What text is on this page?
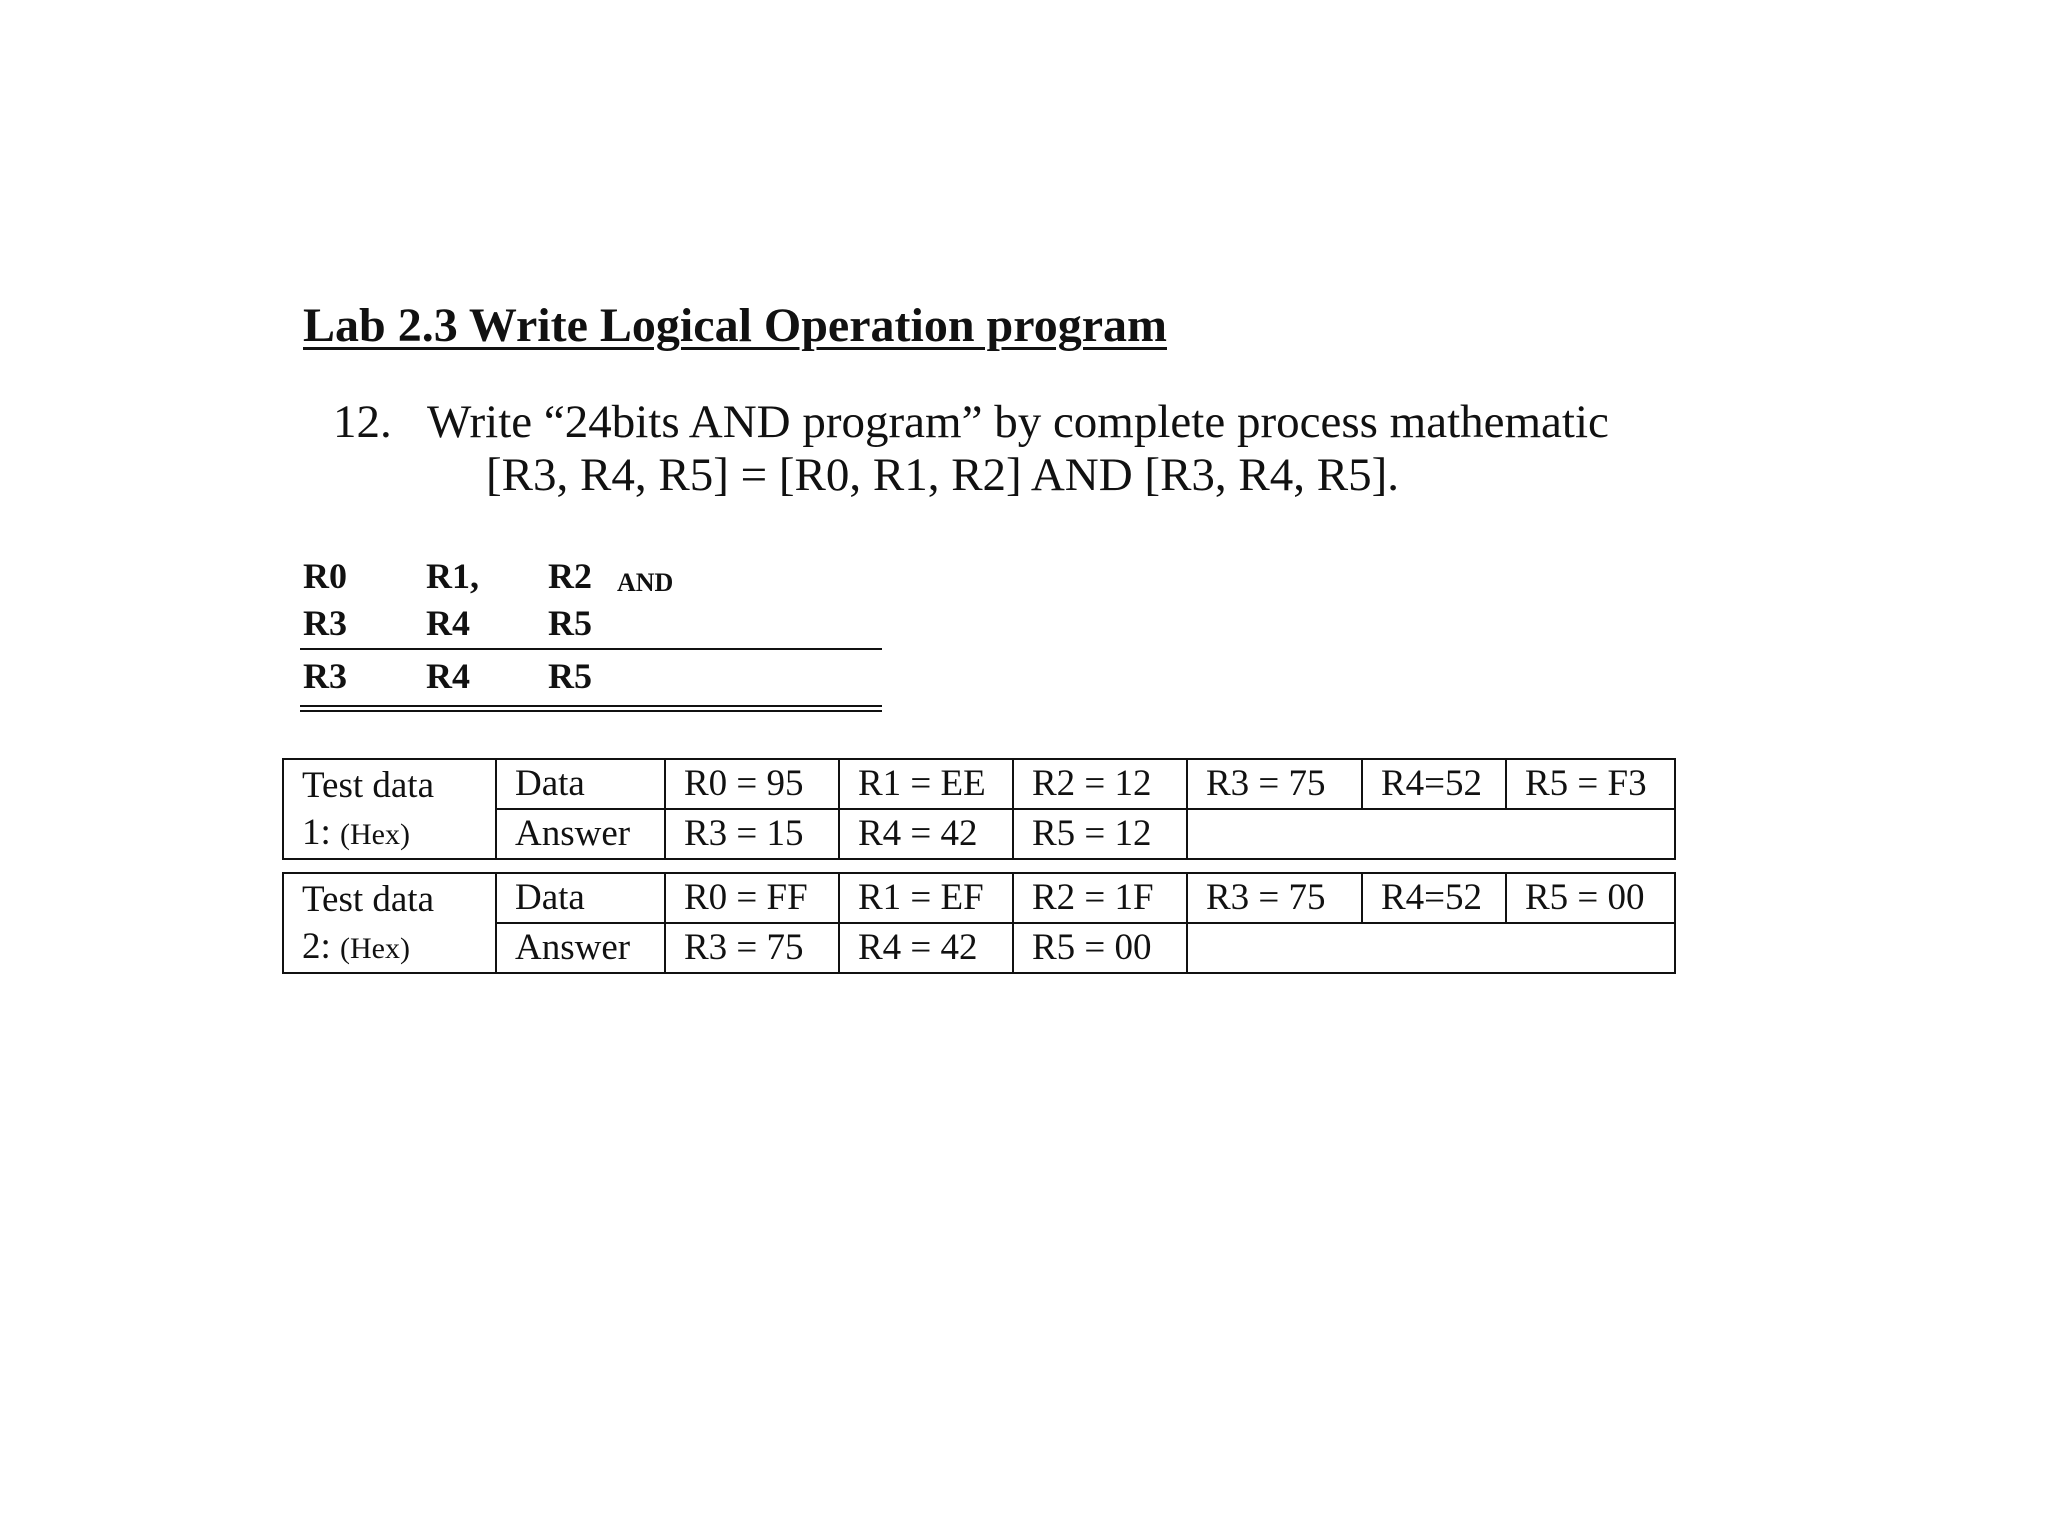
Lab 2.3 Write Logical Operation program
12. Write “24bits AND program” by complete process mathematic
[R3, R4, R5] = [R0, R1, R2] AND [R3, R4, R5].
R0 R1, R2 AND
R3 R4 R5
R3 R4 R5
Test data
1: (Hex)	Data	R0 = 95	R1 = EE	R2 = 12	R3 = 75	R4=52	R5 = F3
	Answer	R3 = 15	R4 = 42	R5 = 12			
Test data
2: (Hex)	Data	R0 = FF	R1 = EF	R2 = 1F	R3 = 75	R4=52	R5 = 00
	Answer	R3 = 75	R4 = 42	R5 = 00			
